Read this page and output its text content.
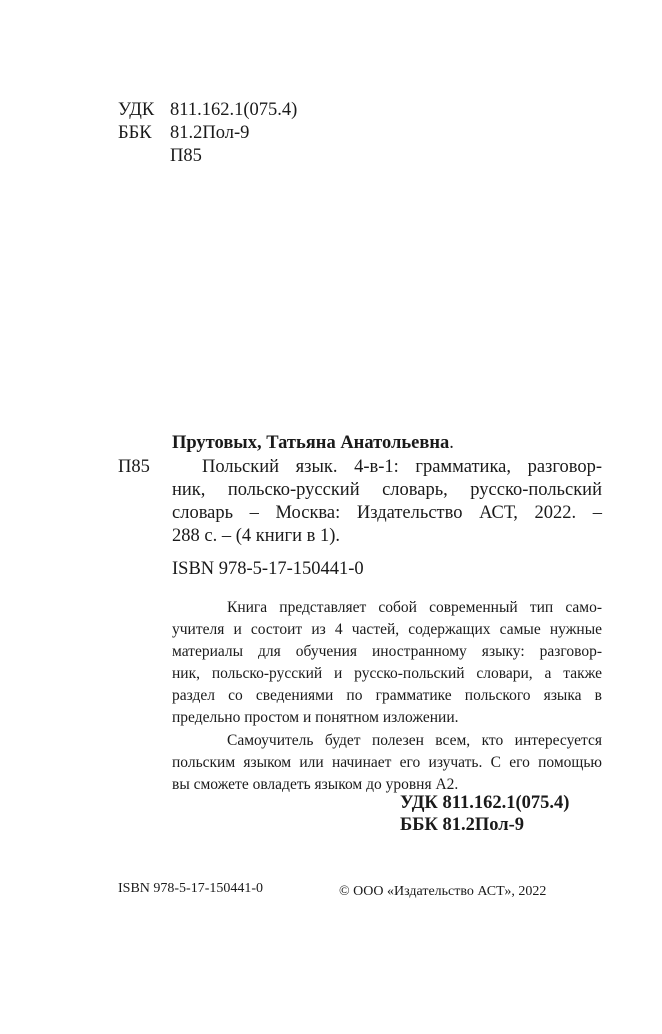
УДК 811.162.1(075.4)
ББК 81.2Пол-9
П85
Прутовых, Татьяна Анатольевна.
П85	Польский язык. 4-в-1: грамматика, разговор-
ник, польско-русский словарь, русско-польский
словарь – Москва: Издательство АСТ, 2022. –
288 с. – (4 книги в 1).
ISBN 978-5-17-150441-0
Книга представляет собой современный тип само-
учителя и состоит из 4 частей, содержащих самые нужные
материалы для обучения иностранному языку: разговор-
ник, польско-русский и русско-польский словари, а также
раздел со сведениями по грамматике польского языка в
предельно простом и понятном изложении.
Самоучитель будет полезен всем, кто интересуется
польским языком или начинает его изучать. С его помощью
вы сможете овладеть языком до уровня А2.
УДК 811.162.1(075.4)
ББК 81.2Пол-9
ISBN 978-5-17-150441-0	© ООО «Издательство АСТ», 2022
